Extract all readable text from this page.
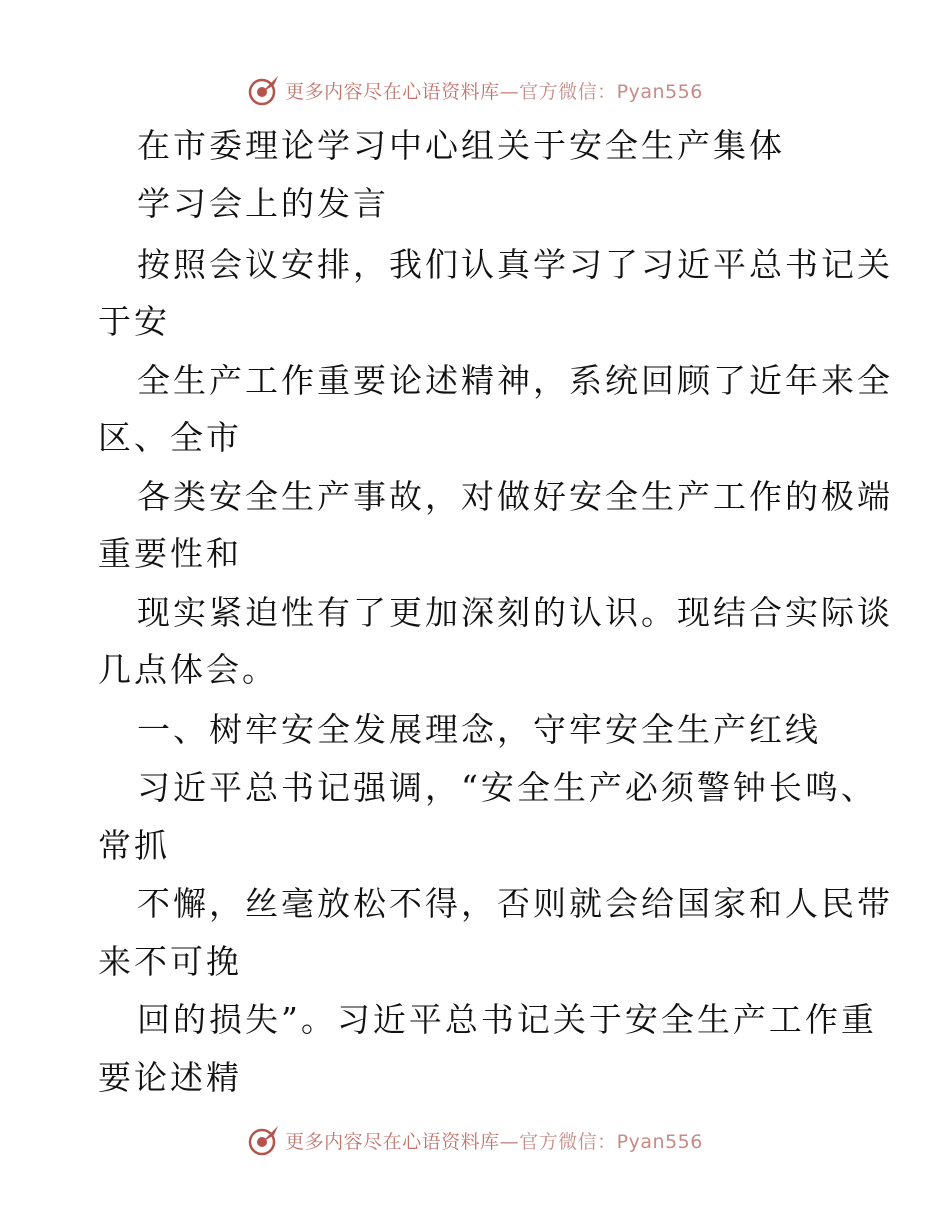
更多内容尽在心语资料库—官方微信：Pyan556
在市委理论学习中心组关于安全生产集体
学习会上的发言
按照会议安排，我们认真学习了习近平总书记关
于安
全生产工作重要论述精神，系统回顾了近年来全
区、全市
各类安全生产事故，对做好安全生产工作的极端
重要性和
现实紧迫性有了更加深刻的认识。现结合实际谈
几点体会。
一、树牢安全发展理念，守牢安全生产红线
习近平总书记强调，“安全生产必须警钟长鸣、
常抓
不懈，丝毫放松不得，否则就会给国家和人民带
来不可挽
回的损失”。习近平总书记关于安全生产工作重
要论述精
更多内容尽在心语资料库—官方微信：Pyan556
